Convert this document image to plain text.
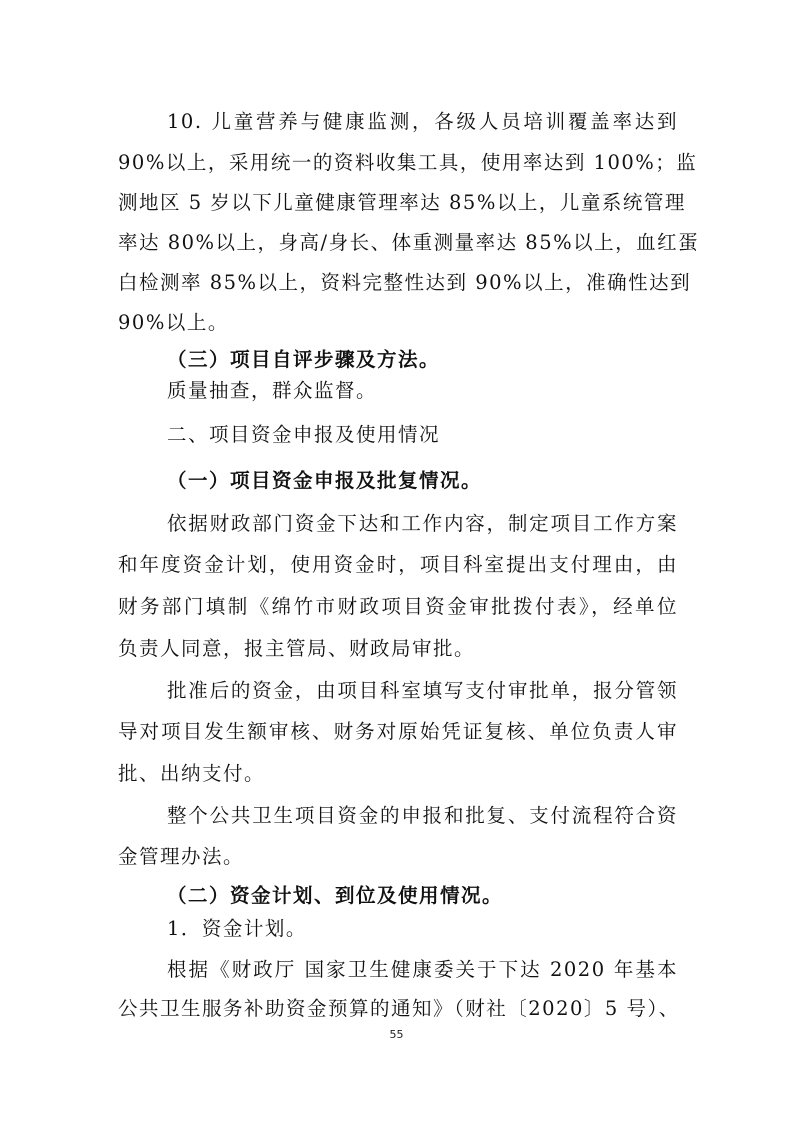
10. 儿童营养与健康监测，各级人员培训覆盖率达到
90%以上，采用统一的资料收集工具，使用率达到 100%；监
测地区 5 岁以下儿童健康管理率达 85%以上，儿童系统管理
率达 80%以上，身高/身长、体重测量率达 85%以上，血红蛋
白检测率 85%以上，资料完整性达到 90%以上，准确性达到
90%以上。
（三）项目自评步骤及方法。
质量抽查，群众监督。
二、项目资金申报及使用情况
（一）项目资金申报及批复情况。
依据财政部门资金下达和工作内容，制定项目工作方案
和年度资金计划，使用资金时，项目科室提出支付理由，由
财务部门填制《绵竹市财政项目资金审批拨付表》，经单位
负责人同意，报主管局、财政局审批。
批准后的资金，由项目科室填写支付审批单，报分管领
导对项目发生额审核、财务对原始凭证复核、单位负责人审
批、出纳支付。
整个公共卫生项目资金的申报和批复、支付流程符合资
金管理办法。
（二）资金计划、到位及使用情况。
1．资金计划。
根据《财政厅 国家卫生健康委关于下达 2020 年基本
公共卫生服务补助资金预算的通知》（财社〔2020〕5 号）、
55
